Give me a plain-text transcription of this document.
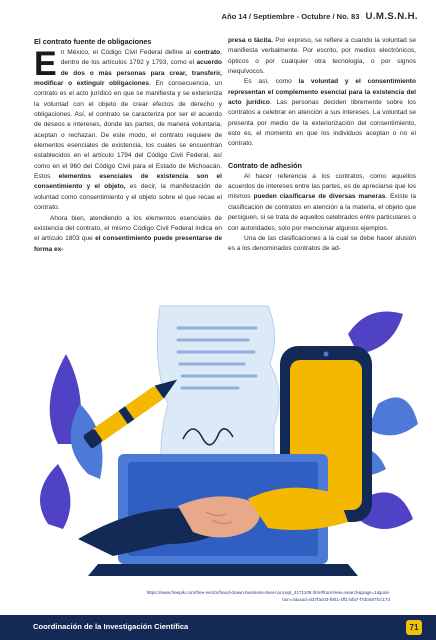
Año 14 / Septiembre - Octubre / No. 83 U.M.S.N.H.
El contrato fuente de obligaciones

En México, el Código Civil Federal define al contrato, dentro de los artículos 1792 y 1793, como el acuerdo de dos o más personas para crear, transferir, modificar o extinguir obligaciones. En consecuencia, un contrato es el acto jurídico en que se manifiesta y se exterioriza la voluntad con el objeto de crear efectos de derecho y obligaciones. Así, el contrato se caracteriza por ser el acuerdo de deseos e intereses, donde las partes, de manera voluntaria, aceptan o rechazan. De este modo, el contrato requiere de elementos esenciales de existencia, los cuales se encuentran establecidos en el artículo 1794 del Código Civil Federal, así como en el 960 del Código Civil para el Estado de Michoacán. Estos elementos esenciales de existencia son el consentimiento y el objeto, es decir, la manifestación de voluntad como consentimiento y el objeto sobre el que recae el contrato.

Ahora bien, atendiendo a los elementos esenciales de existencia del contrato, el mismo Código Civil Federal indica en el artículo 1803 que el consentimiento puede presentarse de forma ex-

presa o tácita. Por expreso, se refiere a cuando la voluntad se manifiesta verbalmente. Por escrito, por medios electrónicos, ópticos o por cualquier otra tecnología, o por signos inequívocos.

Es así, como la voluntad y el consentimiento representan el complemento esencial para la existencia del acto jurídico. Las personas deciden libremente sobre los contratos a celebrar en atención a sus intereses. La voluntad se presenta por medio de la exteriorización del consentimiento, esto es, el momento en que los individuos aceptan o no el contrato.

Contrato de adhesión

Al hacer referencia a los contratos, como aquellos acuerdos de intereses entre las partes, es de apreciarse que los mismos pueden clasificarse de diversas maneras. Existe la clasificación de contratos en atención a la materia, el objeto que persiguen, si se trata de aquellos celebrados entre particulares o con autoridades, solo por mencionar algunos ejemplos.

Una de las clasificaciones a la cual se debe hacer alusión es a los denominados contratos de ad-

https://www.freepik.com/free-vector/hand-drawn-business-deal-concept_4171106.htm#fromView=search&page=1&posi-
tion=4&uuid=637fac03-f801-4ff1-bfa7-f7d0487fcc17d
Coordinación de la Investigación Científica	71
